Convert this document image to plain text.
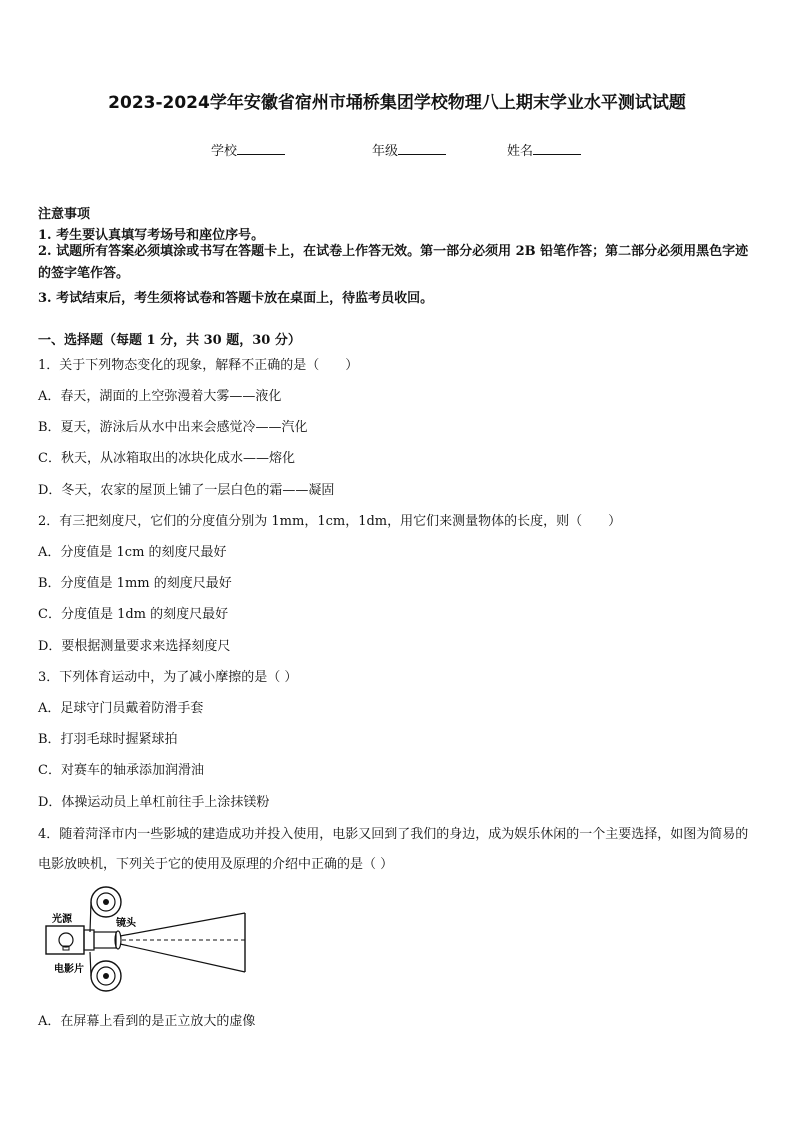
2023-2024学年安徽省宿州市埇桥集团学校物理八上期末学业水平测试试题
学校	年级	姓名
注意事项
1. 考生要认真填写考场号和座位序号。
2. 试题所有答案必须填涂或书写在答题卡上，在试卷上作答无效。第一部分必须用 2B 铅笔作答；第二部分必须用黑色字迹的签字笔作答。
3. 考试结束后，考生须将试卷和答题卡放在桌面上，待监考员收回。
一、选择题（每题 1 分，共 30 题，30 分）
1．关于下列物态变化的现象，解释不正确的是（　　）
A．春天，湖面的上空弥漫着大雾——液化
B．夏天，游泳后从水中出来会感觉冷——汽化
C．秋天，从冰箱取出的冰块化成水——熔化
D．冬天，农家的屋顶上铺了一层白色的霜——凝固
2．有三把刻度尺，它们的分度值分别为 1mm，1cm，1dm，用它们来测量物体的长度，则（　　）
A．分度值是 1cm 的刻度尺最好
B．分度值是 1mm 的刻度尺最好
C．分度值是 1dm 的刻度尺最好
D．要根据测量要求来选择刻度尺
3．下列体育运动中，为了减小摩擦的是（ ）
A．足球守门员戴着防滑手套
B．打羽毛球时握紧球拍
C．对赛车的轴承添加润滑油
D．体操运动员上单杠前往手上涂抹镁粉
4．随着菏泽市内一些影城的建造成功并投入使用，电影又回到了我们的身边，成为娱乐休闲的一个主要选择，如图为简易的电影放映机，下列关于它的使用及原理的介绍中正确的是（ ）
光源	镜头
电影片
A．在屏幕上看到的是正立放大的虚像
